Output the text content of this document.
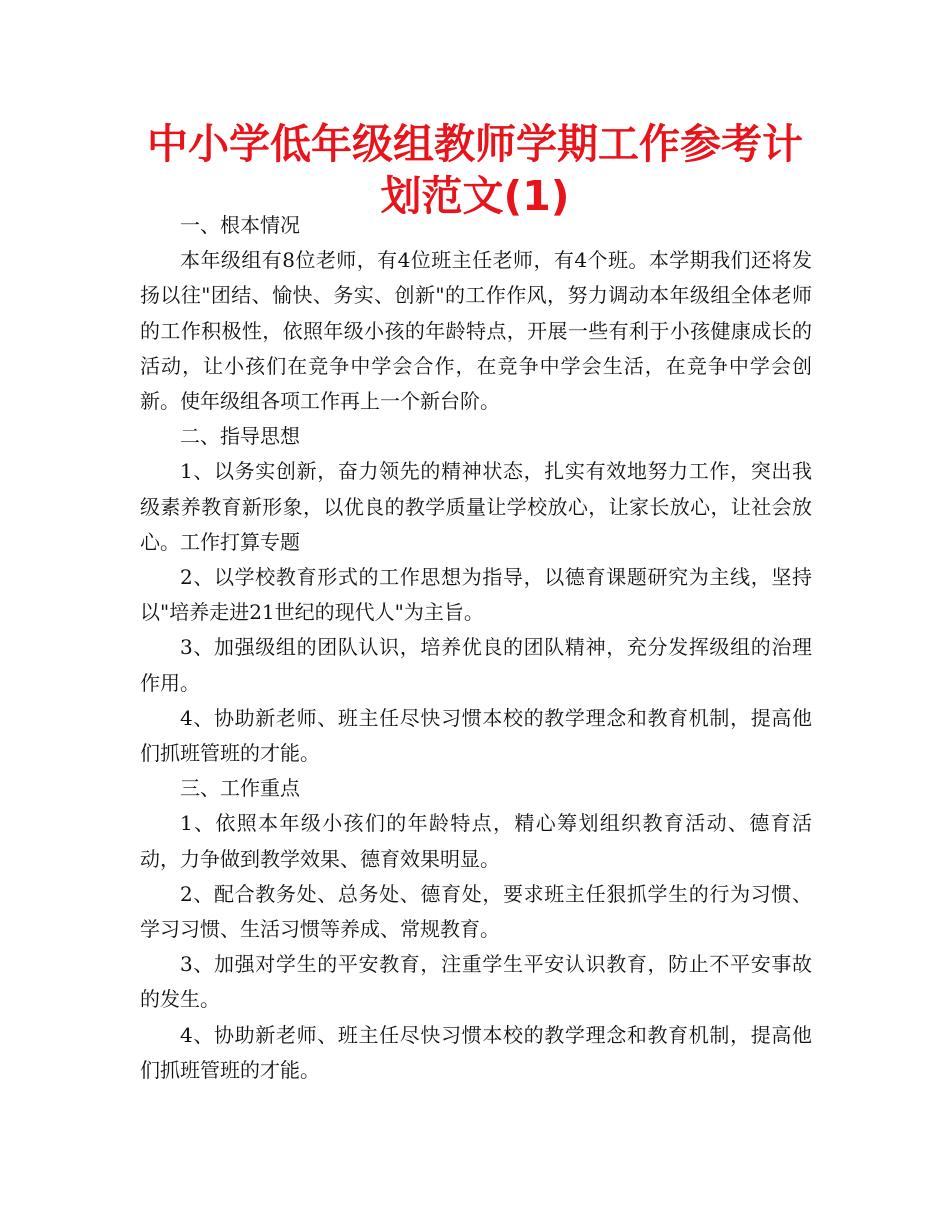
中小学低年级组教师学期工作参考计划范文(1)

一、根本情况

本年级组有8位老师，有4位班主任老师，有4个班。本学期我们还将发扬以往"团结、愉快、务实、创新"的工作作风，努力调动本年级组全体老师的工作积极性，依照年级小孩的年龄特点，开展一些有利于小孩健康成长的活动，让小孩们在竞争中学会合作，在竞争中学会生活，在竞争中学会创新。使年级组各项工作再上一个新台阶。

二、指导思想

1、以务实创新，奋力领先的精神状态，扎实有效地努力工作，突出我级素养教育新形象，以优良的教学质量让学校放心，让家长放心，让社会放心。工作打算专题

2、以学校教育形式的工作思想为指导，以德育课题研究为主线，坚持以"培养走进21世纪的现代人"为主旨。

3、加强级组的团队认识，培养优良的团队精神，充分发挥级组的治理作用。

4、协助新老师、班主任尽快习惯本校的教学理念和教育机制，提高他们抓班管班的才能。

三、工作重点

1、依照本年级小孩们的年龄特点，精心筹划组织教育活动、德育活动，力争做到教学效果、德育效果明显。

2、配合教务处、总务处、德育处，要求班主任狠抓学生的行为习惯、学习习惯、生活习惯等养成、常规教育。

3、加强对学生的平安教育，注重学生平安认识教育，防止不平安事故的发生。

4、协助新老师、班主任尽快习惯本校的教学理念和教育机制，提高他们抓班管班的才能。
